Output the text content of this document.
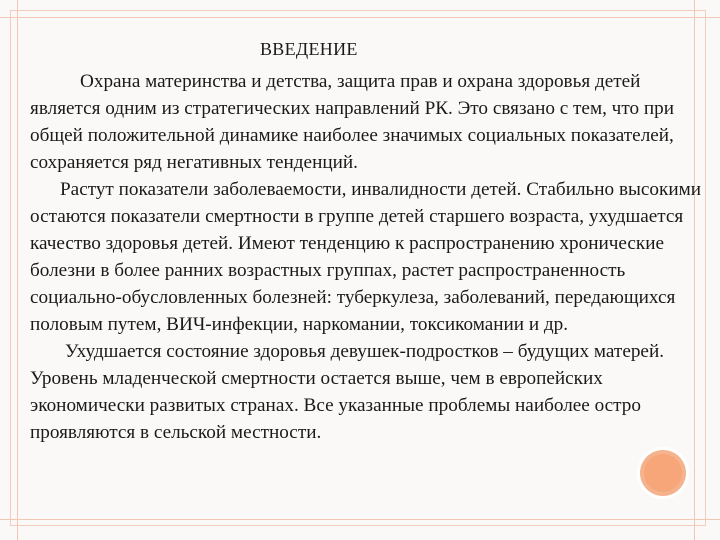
ВВЕДЕНИЕ

Охрана материнства и детства, защита прав и охрана здоровья детей является одним из стратегических направлений РК. Это связано с тем, что при общей положительной динамике наиболее значимых социальных показателей, сохраняется ряд негативных тенденций.

Растут показатели заболеваемости, инвалидности детей. Стабильно высокими остаются показатели смертности в группе детей старшего возраста, ухудшается качество здоровья детей. Имеют тенденцию к распространению хронические болезни в более ранних возрастных группах, растет распространенность социально-обусловленных болезней: туберкулеза, заболеваний, передающихся половым путем, ВИЧ-инфекции, наркомании, токсикомании и др.

Ухудшается состояние здоровья девушек-подростков – будущих матерей. Уровень младенческой смертности остается выше, чем в европейских экономически развитых странах. Все указанные проблемы наиболее остро проявляются в сельской местности.
